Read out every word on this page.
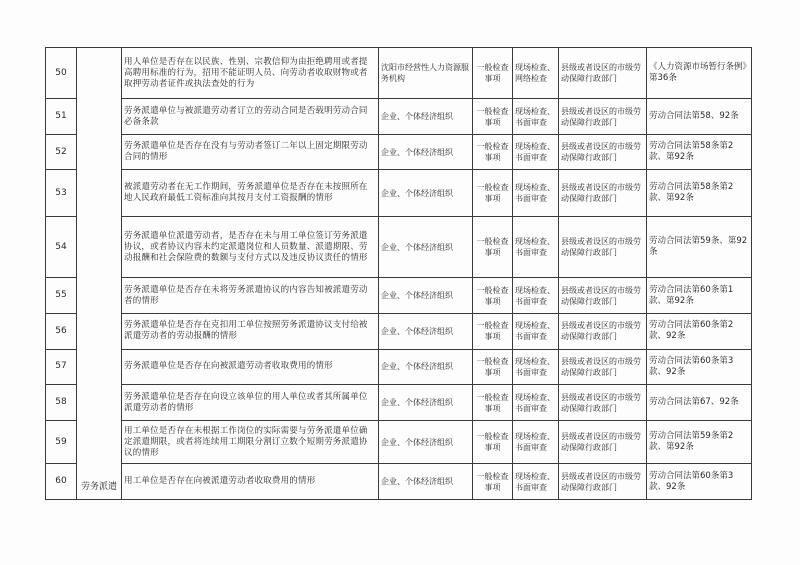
50	劳务派遣	用人单位是否存在以民族、性别、宗教信仰为由拒绝聘用或者提高聘用标准的行为，招用不能证明人员、向劳动者收取财物或者取押劳动者证件或执法查处的行为	沈阳市经营性人力资源服务机构	一般检查事项	现场检查、网络检查	县级或者设区的市级劳动保障行政部门	《人力资源市场暂行条例》第36条
51		劳务派遣单位与被派遣劳动者订立的劳动合同是否载明劳动合同必备条款	企业、个体经济组织	一般检查事项	现场检查、书面审查	县级或者设区的市级劳动保障行政部门	劳动合同法第58、92条
52		劳务派遣单位是否存在没有与劳动者签订二年以上固定期限劳动合同的情形	企业、个体经济组织	一般检查事项	现场检查、书面审查	县级或者设区的市级劳动保障行政部门	劳动合同法第58条第2款、第92条
53		被派遣劳动者在无工作期间，劳务派遣单位是否存在未按照所在地人民政府最低工资标准向其按月支付工资报酬的情形	企业、个体经济组织	一般检查事项	现场检查、书面审查	县级或者设区的市级劳动保障行政部门	劳动合同法第58条第2款、第92条
54		劳务派遣单位派遣劳动者，是否存在未与用工单位签订劳务派遣协议，或者协议内容未约定派遣岗位和人员数量、派遣期限、劳动报酬和社会保险费的数额与支付方式以及违反协议责任的情形	企业、个体经济组织	一般检查事项	现场检查、书面审查	县级或者设区的市级劳动保障行政部门	劳动合同法第59条、第92条
55		劳务派遣单位是否存在未将劳务派遣协议的内容告知被派遣劳动者的情形	企业、个体经济组织	一般检查事项	现场检查、书面审查	县级或者设区的市级劳动保障行政部门	劳动合同法第60条第1款、第92条
56		劳务派遣单位是否存在克扣用工单位按照劳务派遣协议支付给被派遣劳动者的劳动报酬的情形	企业、个体经济组织	一般检查事项	现场检查、书面审查	县级或者设区的市级劳动保障行政部门	劳动合同法第60条第2款、92条
57		劳务派遣单位是否存在向被派遣劳动者收取费用的情形	企业、个体经济组织	一般检查事项	现场检查、书面审查	县级或者设区的市级劳动保障行政部门	劳动合同法第60条第3款、92条
58		劳务派遣单位是否存在向设立该单位的用人单位或者其所属单位派遣劳动者的情形	企业、个体经济组织	一般检查事项	现场检查、书面审查	县级或者设区的市级劳动保障行政部门	劳动合同法第67、92条
59		用工单位是否存在未根据工作岗位的实际需要与劳务派遣单位确定派遣期限，或者将连续用工期限分割订立数个短期劳务派遣协议的情形	企业、个体经济组织	一般检查事项	现场检查、书面审查	县级或者设区的市级劳动保障行政部门	劳动合同法第59条第2款、第92条
60		用工单位是否存在向被派遣劳动者收取费用的情形	企业、个体经济组织	一般检查事项	现场检查、书面审查	县级或者设区的市级劳动保障行政部门	劳动合同法第60条第3款、92条
